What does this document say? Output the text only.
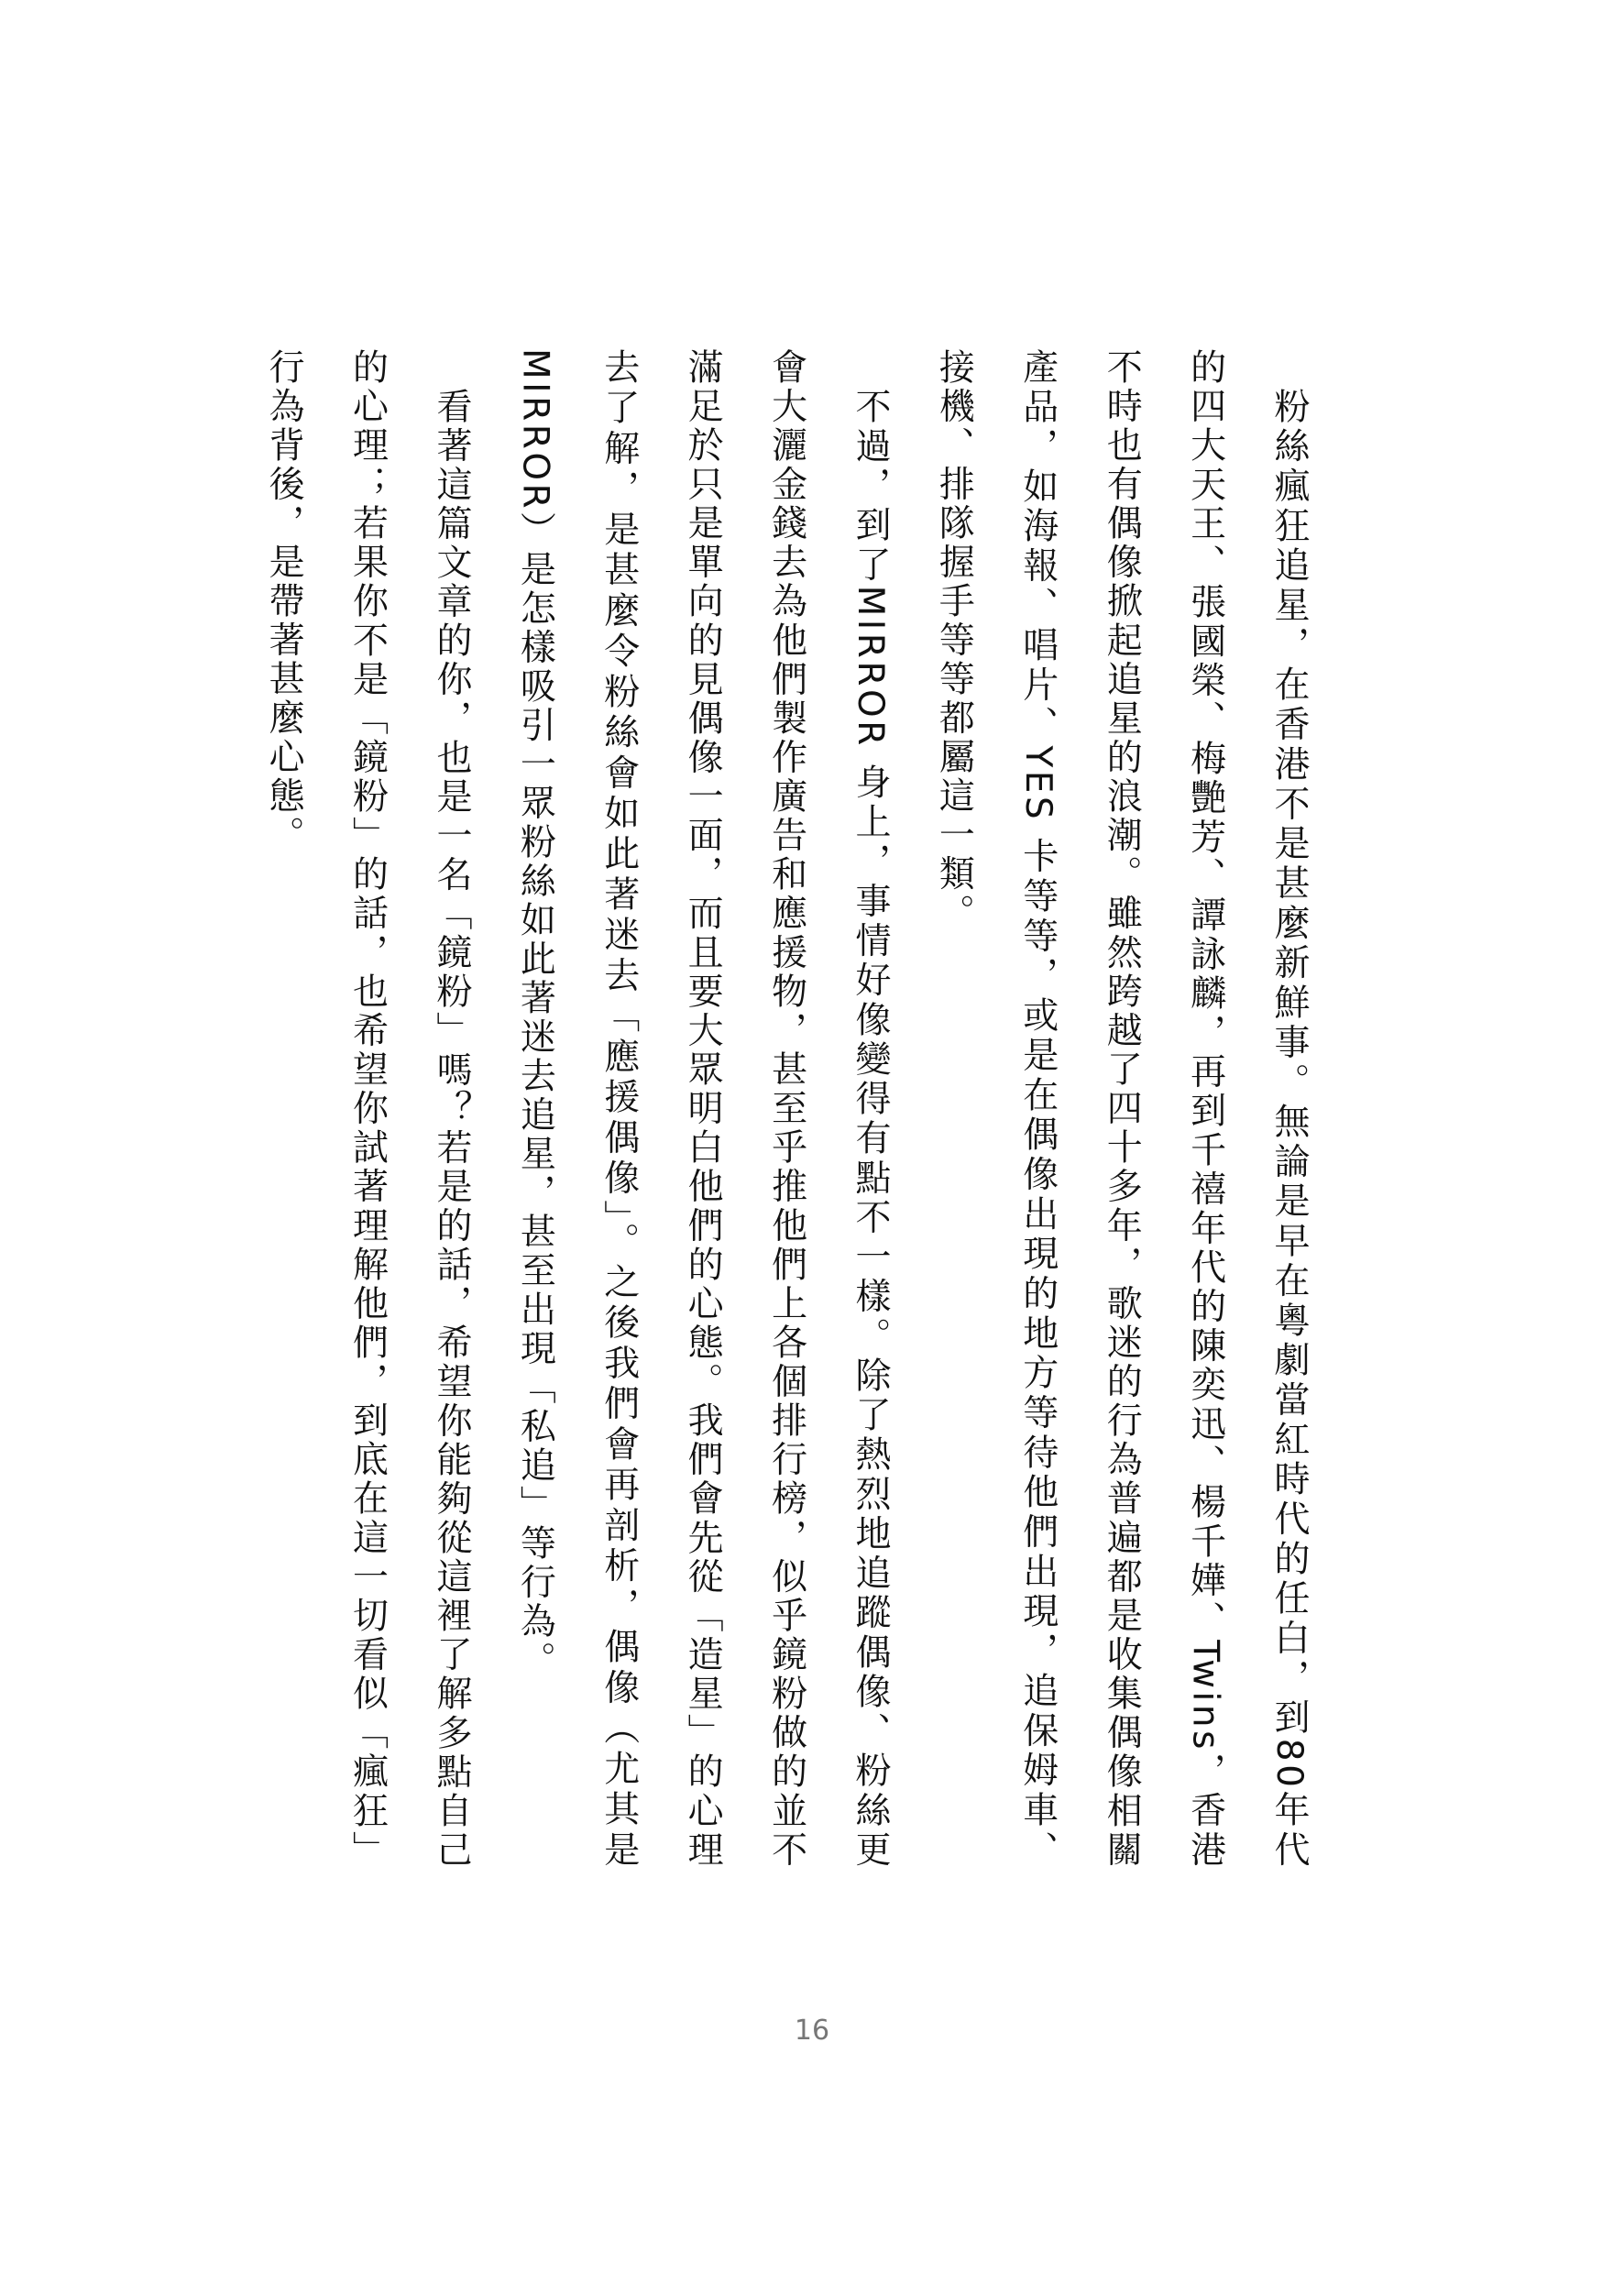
粉絲瘋狂追星，在香港不是甚麼新鮮事。無論是早在粵劇當紅時代的任白，到80年代的四大天王、張國榮、梅艷芳、譚詠麟，再到千禧年代的陳奕迅、楊千嬅、Twins，香港不時也有偶像掀起追星的浪潮。雖然跨越了四十多年，歌迷的行為普遍都是收集偶像相關產品，如海報、唱片、YES 卡等等，或是在偶像出現的地方等待他們出現，追保姆車、接機、排隊握手等等都屬這一類。

不過，到了MIRROR 身上，事情好像變得有點不一樣。除了熱烈地追蹤偶像、粉絲更會大灑金錢去為他們製作廣告和應援物，甚至乎推他們上各個排行榜，似乎鏡粉做的並不滿足於只是單向的見偶像一面，而且要大眾明白他們的心態。我們會先從「造星」的心理去了解，是甚麼令粉絲會如此著迷去「應援偶像」。之後我們會再剖析，偶像（尤其是MIRROR）是怎樣吸引一眾粉絲如此著迷去追星，甚至出現「私追」等行為。

看著這篇文章的你，也是一名「鏡粉」嗎？若是的話，希望你能夠從這裡了解多點自己的心理；若果你不是「鏡粉」的話，也希望你試著理解他們，到底在這一切看似「瘋狂」行為背後，是帶著甚麼心態。

16
